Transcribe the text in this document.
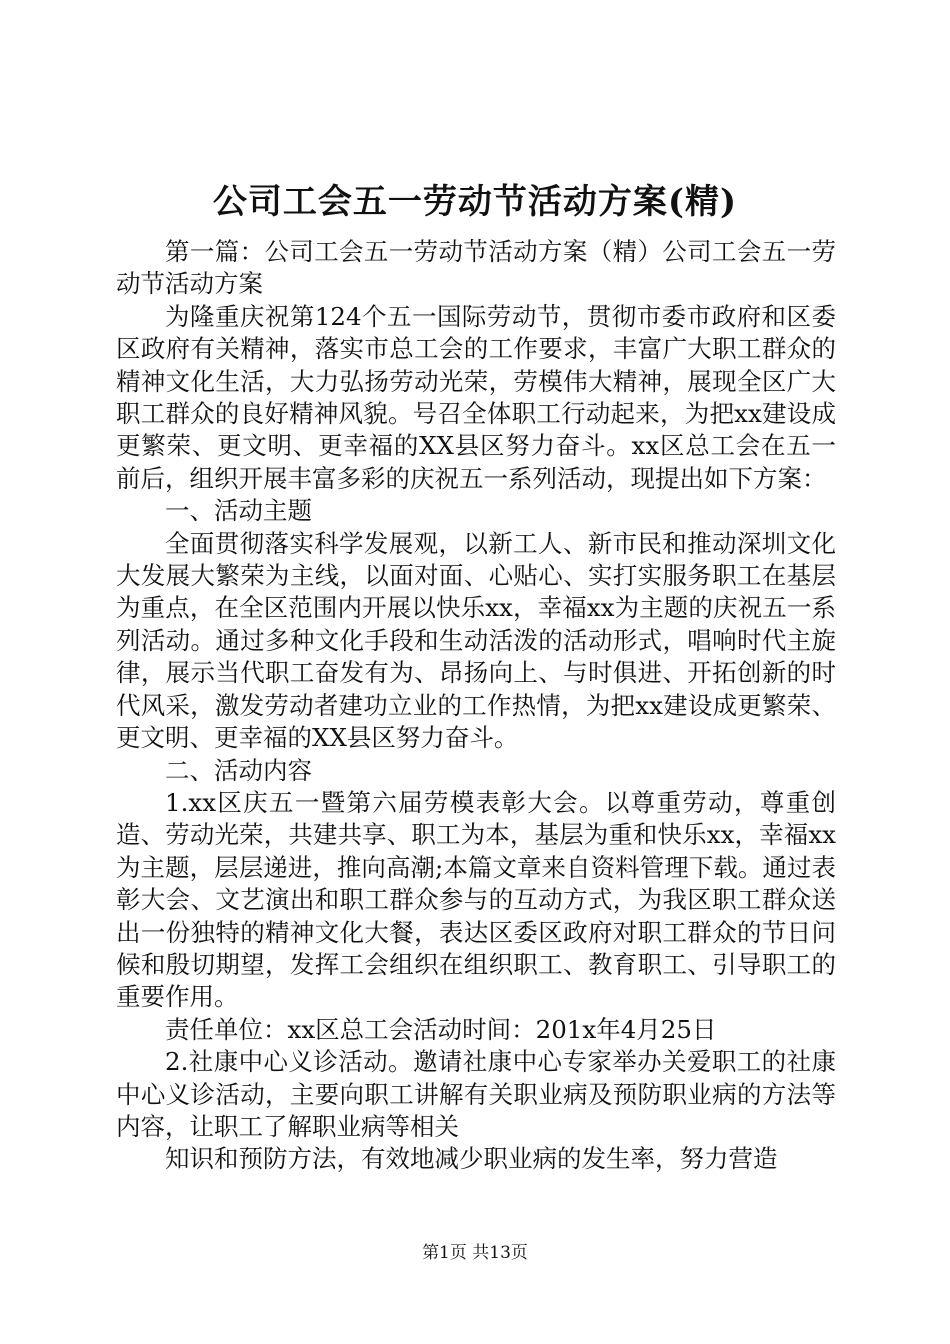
公司工会五一劳动节活动方案(精)

第一篇：公司工会五一劳动节活动方案（精）公司工会五一劳动节活动方案

为隆重庆祝第124个五一国际劳动节，贯彻市委市政府和区委区政府有关精神，落实市总工会的工作要求，丰富广大职工群众的精神文化生活，大力弘扬劳动光荣，劳模伟大精神，展现全区广大职工群众的良好精神风貌。号召全体职工行动起来，为把xx建设成更繁荣、更文明、更幸福的XX县区努力奋斗。xx区总工会在五一前后，组织开展丰富多彩的庆祝五一系列活动，现提出如下方案：

一、活动主题

全面贯彻落实科学发展观，以新工人、新市民和推动深圳文化大发展大繁荣为主线，以面对面、心贴心、实打实服务职工在基层为重点，在全区范围内开展以快乐xx，幸福xx为主题的庆祝五一系列活动。通过多种文化手段和生动活泼的活动形式，唱响时代主旋律，展示当代职工奋发有为、昂扬向上、与时俱进、开拓创新的时代风采，激发劳动者建功立业的工作热情，为把xx建设成更繁荣、更文明、更幸福的XX县区努力奋斗。

二、活动内容

1.xx区庆五一暨第六届劳模表彰大会。以尊重劳动，尊重创造、劳动光荣，共建共享、职工为本，基层为重和快乐xx，幸福xx为主题，层层递进，推向高潮;本篇文章来自资料管理下载。通过表彰大会、文艺演出和职工群众参与的互动方式，为我区职工群众送出一份独特的精神文化大餐，表达区委区政府对职工群众的节日问候和殷切期望，发挥工会组织在组织职工、教育职工、引导职工的重要作用。

责任单位：xx区总工会活动时间：201x年4月25日

2.社康中心义诊活动。邀请社康中心专家举办关爱职工的社康中心义诊活动，主要向职工讲解有关职业病及预防职业病的方法等内容，让职工了解职业病等相关

知识和预防方法，有效地减少职业病的发生率，努力营造

第1页 共13页
